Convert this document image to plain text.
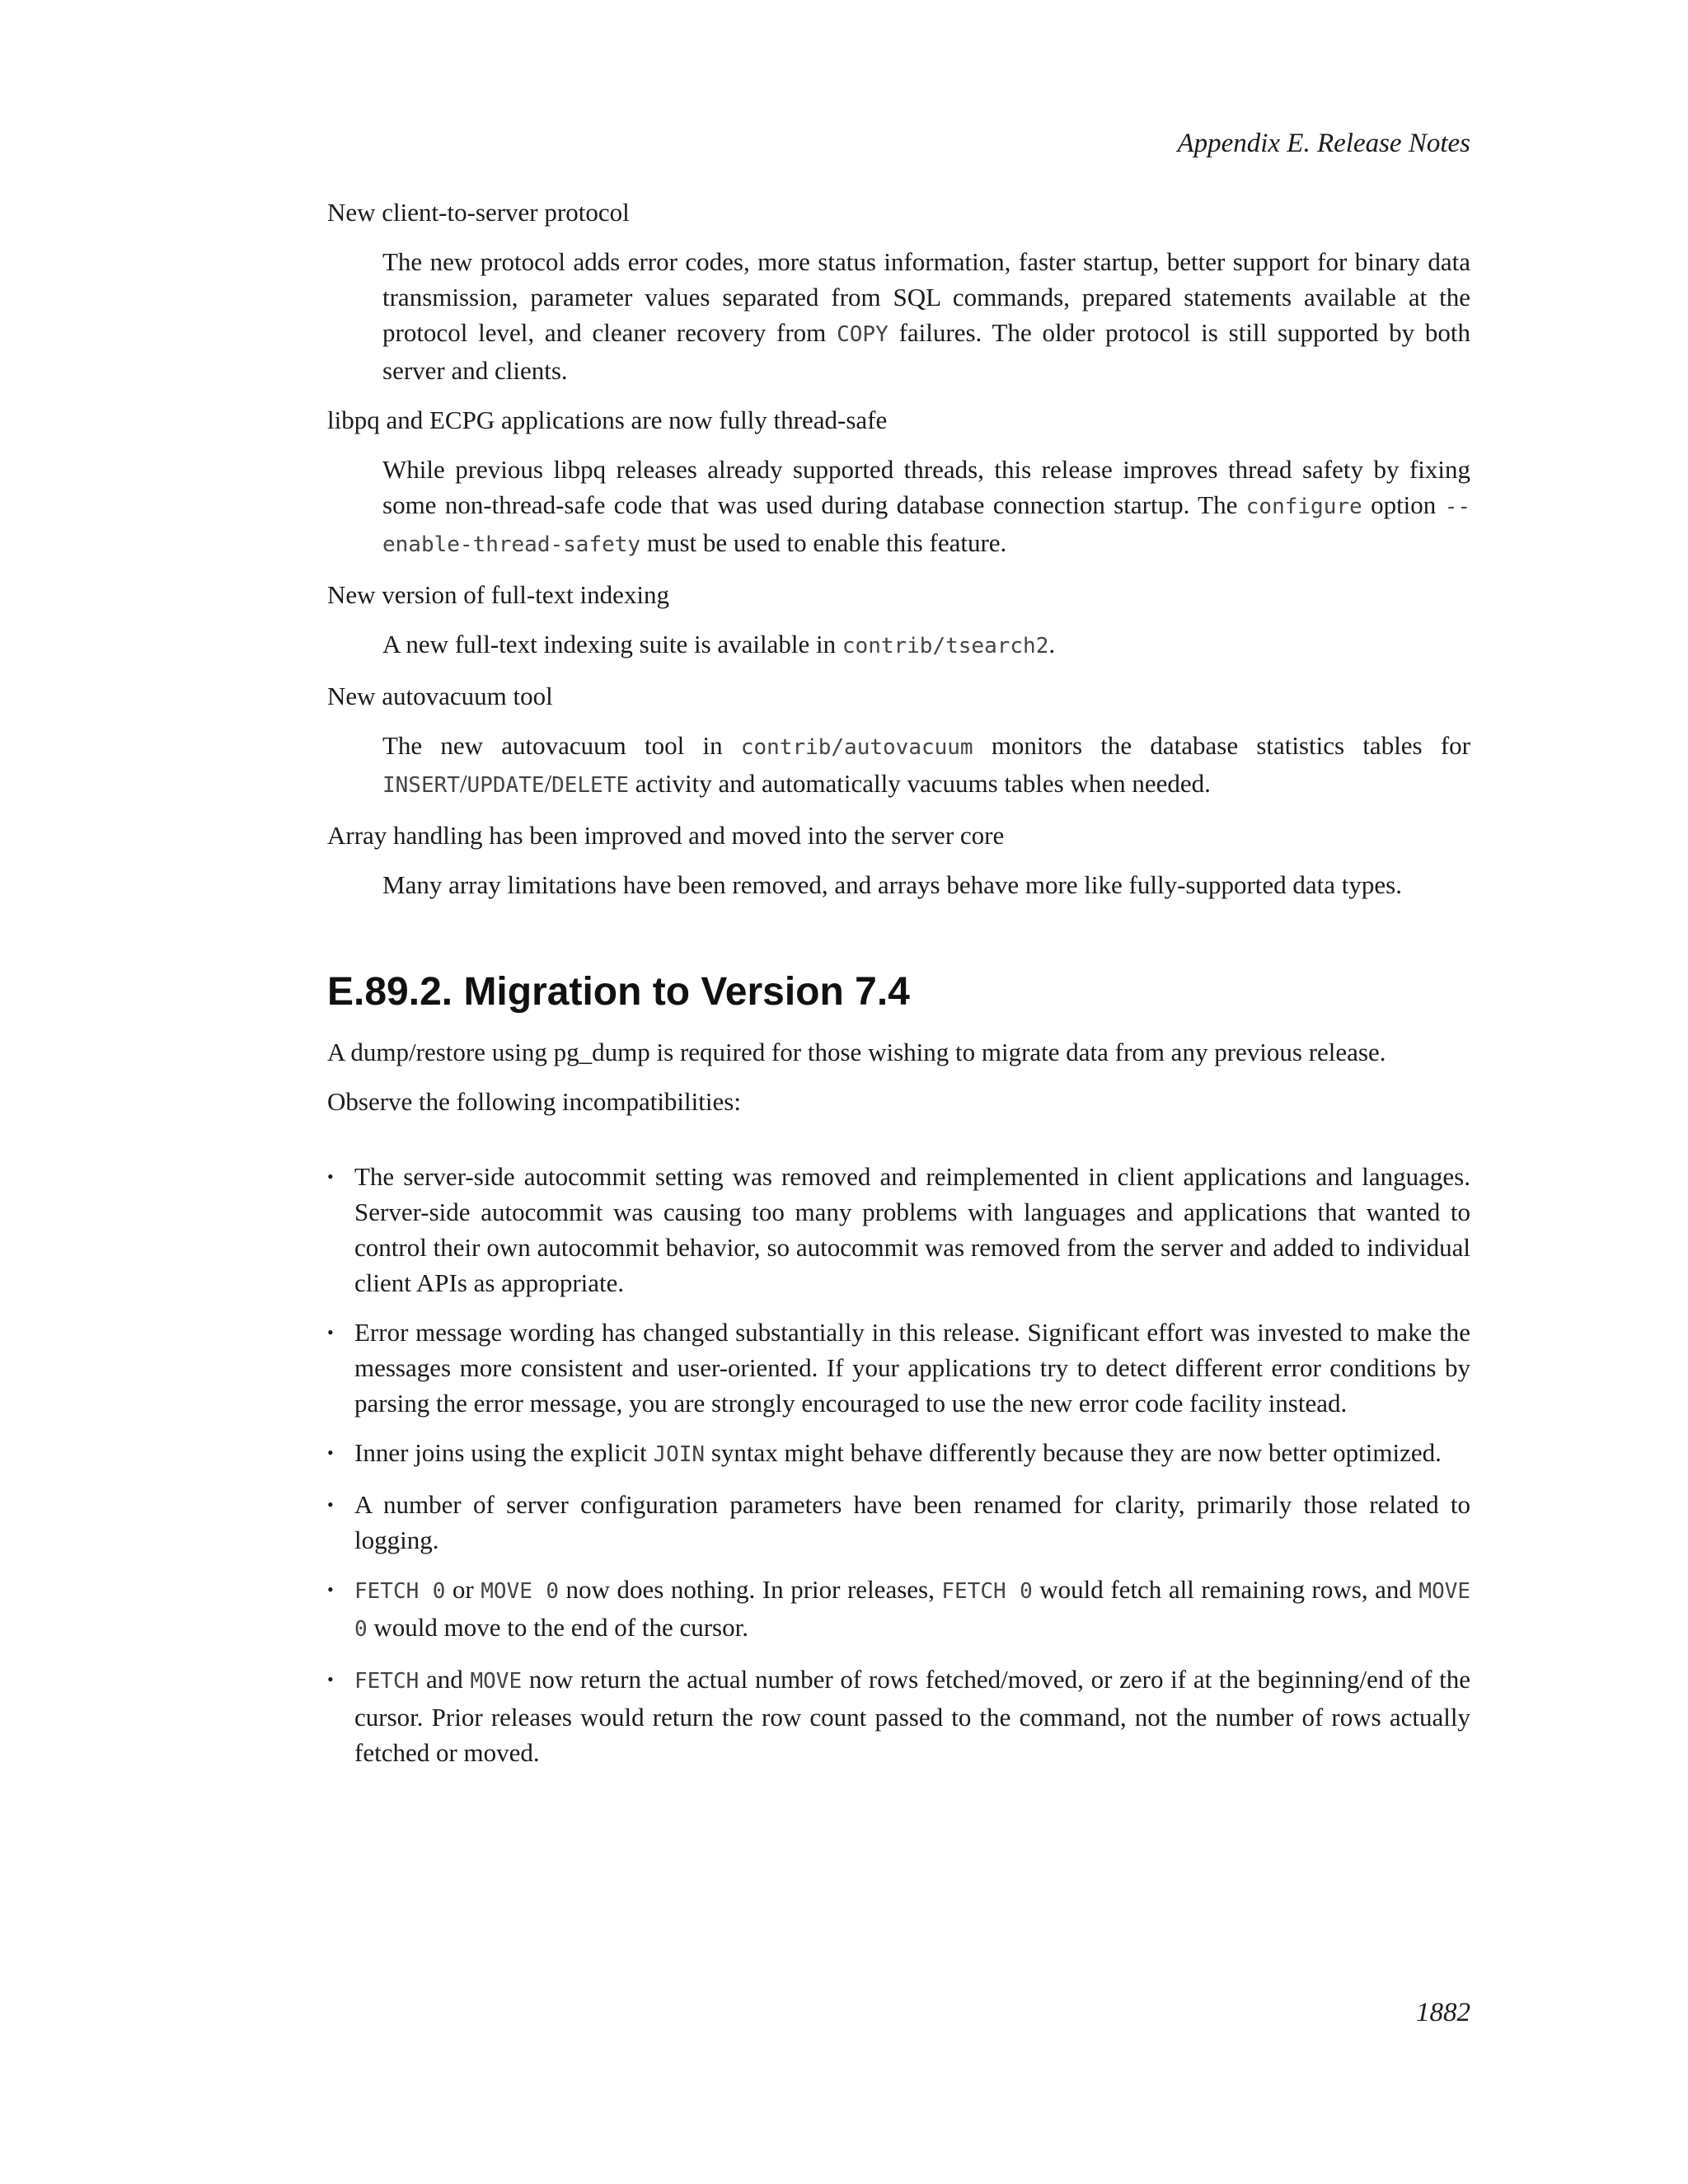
Appendix E. Release Notes

New client-to-server protocol

The new protocol adds error codes, more status information, faster startup, better support for binary data transmission, parameter values separated from SQL commands, prepared statements available at the protocol level, and cleaner recovery from COPY failures. The older protocol is still supported by both server and clients.

libpq and ECPG applications are now fully thread-safe

While previous libpq releases already supported threads, this release improves thread safety by fixing some non-thread-safe code that was used during database connection startup. The configure option --enable-thread-safety must be used to enable this feature.

New version of full-text indexing

A new full-text indexing suite is available in contrib/tsearch2.

New autovacuum tool

The new autovacuum tool in contrib/autovacuum monitors the database statistics tables for INSERT/UPDATE/DELETE activity and automatically vacuums tables when needed.

Array handling has been improved and moved into the server core

Many array limitations have been removed, and arrays behave more like fully-supported data types.

E.89.2. Migration to Version 7.4

A dump/restore using pg_dump is required for those wishing to migrate data from any previous release.

Observe the following incompatibilities:

• The server-side autocommit setting was removed and reimplemented in client applications and languages. Server-side autocommit was causing too many problems with languages and applications that wanted to control their own autocommit behavior, so autocommit was removed from the server and added to individual client APIs as appropriate.
• Error message wording has changed substantially in this release. Significant effort was invested to make the messages more consistent and user-oriented. If your applications try to detect different error conditions by parsing the error message, you are strongly encouraged to use the new error code facility instead.
• Inner joins using the explicit JOIN syntax might behave differently because they are now better optimized.
• A number of server configuration parameters have been renamed for clarity, primarily those related to logging.
• FETCH 0 or MOVE 0 now does nothing. In prior releases, FETCH 0 would fetch all remaining rows, and MOVE 0 would move to the end of the cursor.
• FETCH and MOVE now return the actual number of rows fetched/moved, or zero if at the beginning/end of the cursor. Prior releases would return the row count passed to the command, not the number of rows actually fetched or moved.
1882
